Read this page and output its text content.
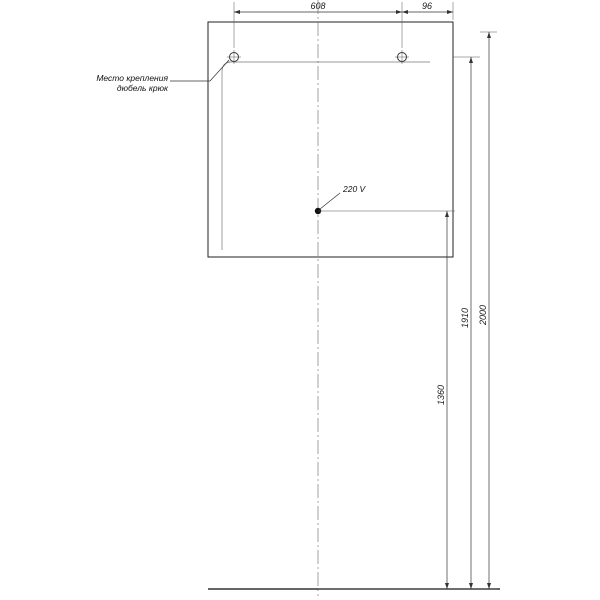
608	96
220 V
Место крепления
дюбель крюк
2000
1910
1360
